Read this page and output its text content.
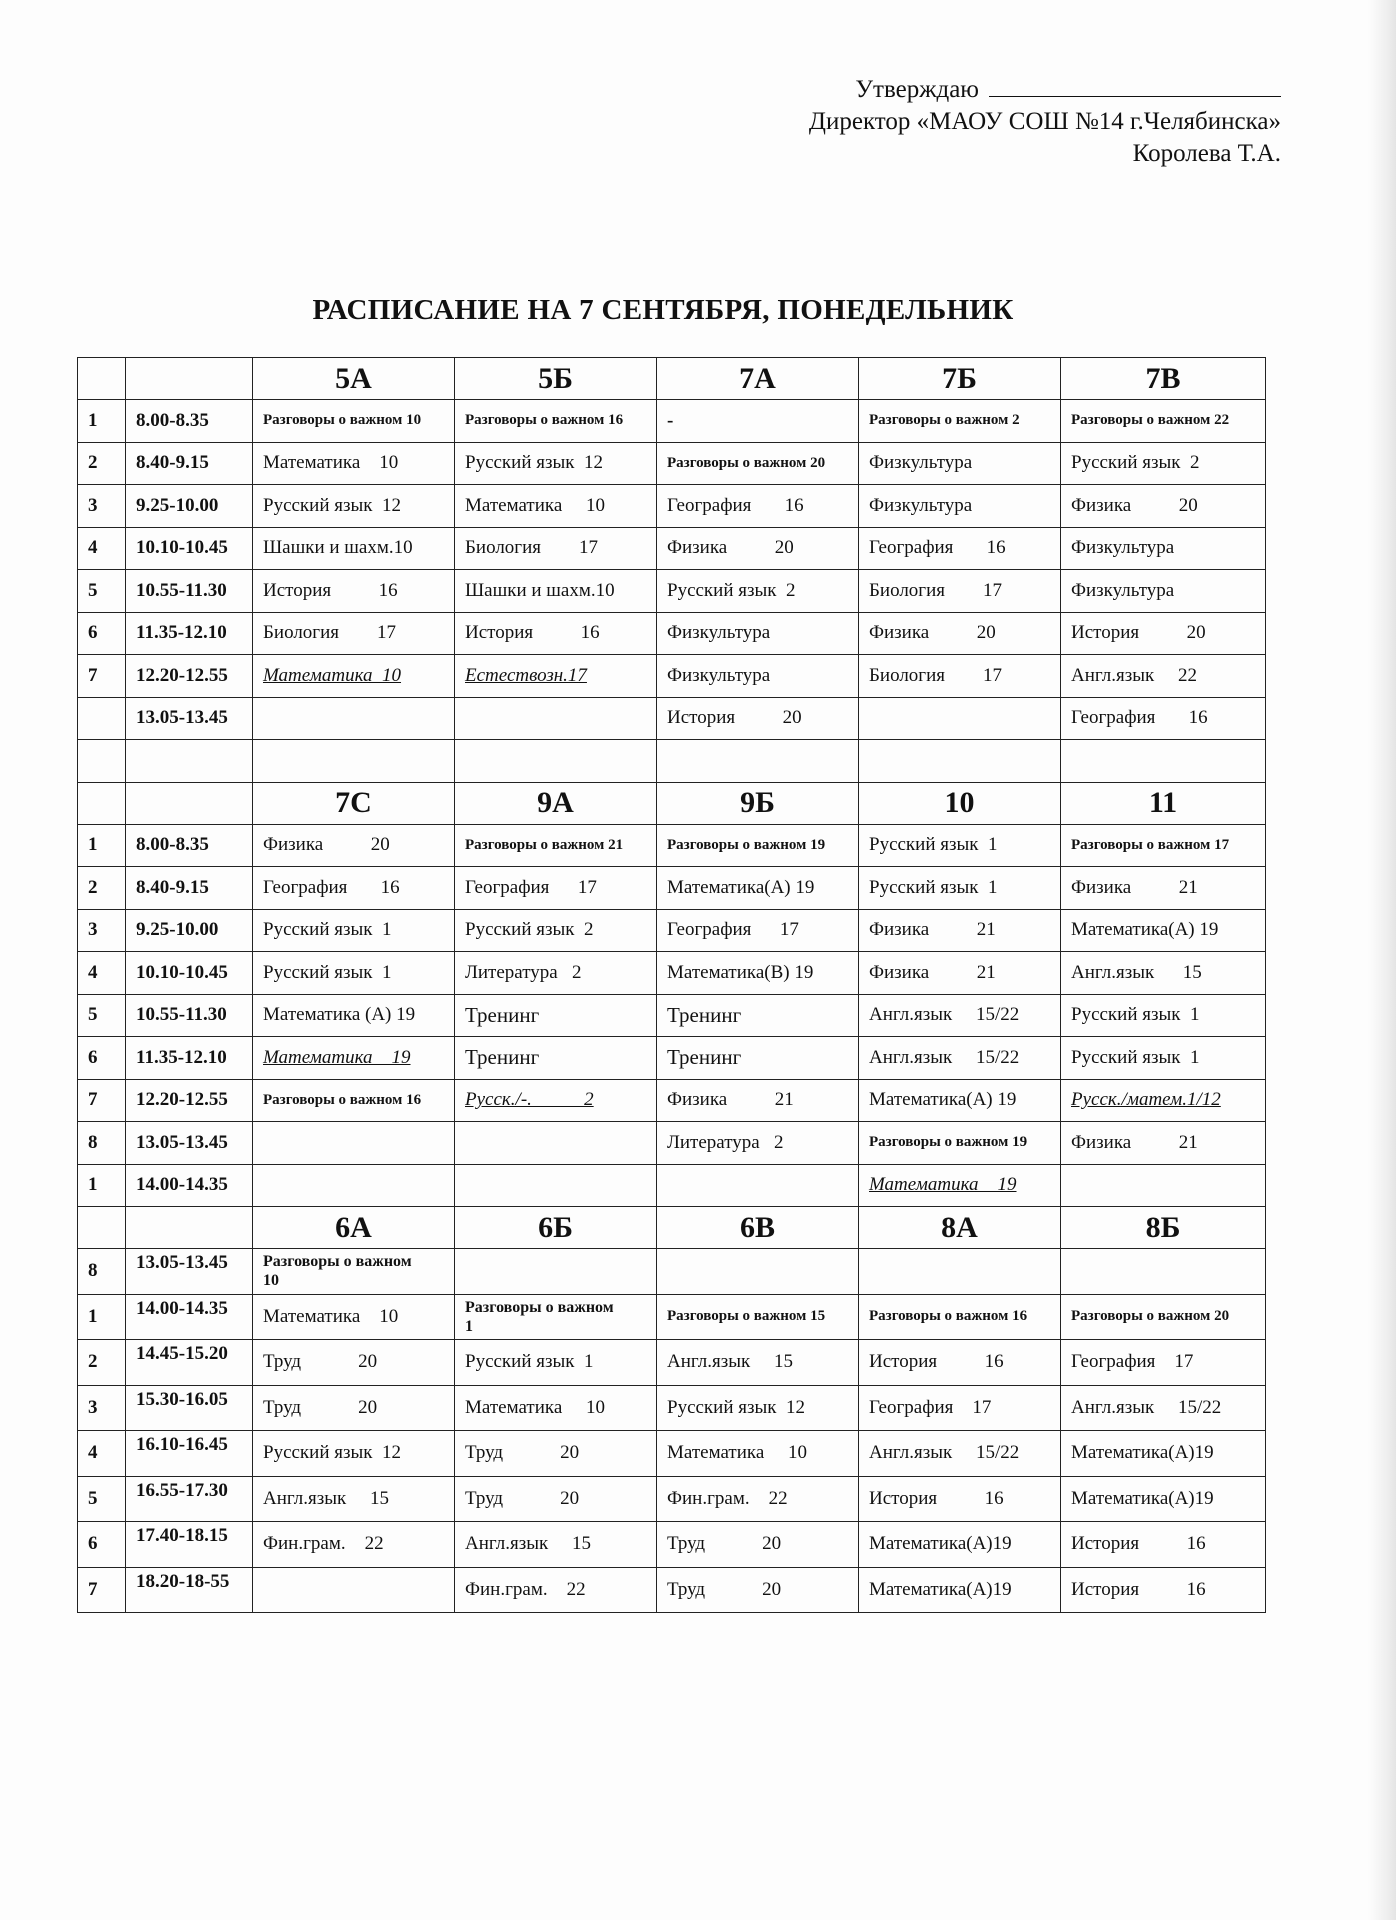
Утверждаю
Директор «МАОУ СОШ №14 г.Челябинска»
Королева Т.А.
РАСПИСАНИЕ НА 7 СЕНТЯБРЯ, ПОНЕДЕЛЬНИК
		5А	5Б	7А	7Б	7В
1	8.00-8.35	Разговоры о важном 10	Разговоры о важном 16	-	Разговоры о важном 2	Разговоры о важном 22

2	8.40-9.15	Математика    10	Русский язык  12	Разговоры о важном 20	Физкультура	Русский язык  2
3	9.25-10.00	Русский язык  12	Математика     10	География       16	Физкультура	Физика          20
4	10.10-10.45	Шашки и шахм.10	Биология        17	Физика          20	География       16	Физкультура
5	10.55-11.30	История          16	Шашки и шахм.10	Русский язык  2	Биология        17	Физкультура
6	11.35-12.10	Биология        17	История          16	Физкультура	Физика          20	История          20
7	12.20-12.55	Математика  10	Естествозн.17	Физкультура	Биология        17	Англ.язык     22
	13.05-13.45			История          20		География       16

		7С	9А	9Б	10	11
1	8.00-8.35	Физика          20	Разговоры о важном 21	Разговоры о важном 19	Русский язык  1	Разговоры о важном 17

2	8.40-9.15	География       16	География      17	Математика(А) 19	Русский язык  1	Физика          21
3	9.25-10.00	Русский язык  1	Русский язык  2	География      17	Физика          21	Математика(А) 19
4	10.10-10.45	Русский язык  1	Литература   2	Математика(В) 19	Физика          21	Англ.язык      15
5	10.55-11.30	Математика (А) 19	Тренинг	Тренинг	Англ.язык     15/22	Русский язык  1
6	11.35-12.10	Математика    19	Тренинг	Тренинг	Англ.язык     15/22	Русский язык  1
7	12.20-12.55	Разговоры о важном 16	Русск./-.           2	Физика          21	Математика(А) 19	Русск./матем.1/12
8	13.05-13.45			Литература   2	Разговоры о важном 19	Физика          21
1	14.00-14.35				Математика    19	
		6А	6Б	6В	8А	8Б
8	13.05-13.45	Разговоры о важном         10				

1	14.00-14.35	Математика    10	Разговоры о важном          1	Разговоры о важном 15	Разговоры о важном 16	Разговоры о важном 20

2	14.45-15.20	Труд            20	Русский язык  1	Англ.язык     15	История          16	География    17
3	15.30-16.05	Труд            20	Математика     10	Русский язык  12	География    17	Англ.язык     15/22
4	16.10-16.45	Русский язык  12	Труд            20	Математика     10	Англ.язык     15/22	Математика(А)19
5	16.55-17.30	Англ.язык     15	Труд            20	Фин.грам.    22	История          16	Математика(А)19
6	17.40-18.15	Фин.грам.    22	Англ.язык     15	Труд            20	Математика(А)19	История          16
7	18.20-18-55		Фин.грам.    22	Труд            20	Математика(А)19	История          16
